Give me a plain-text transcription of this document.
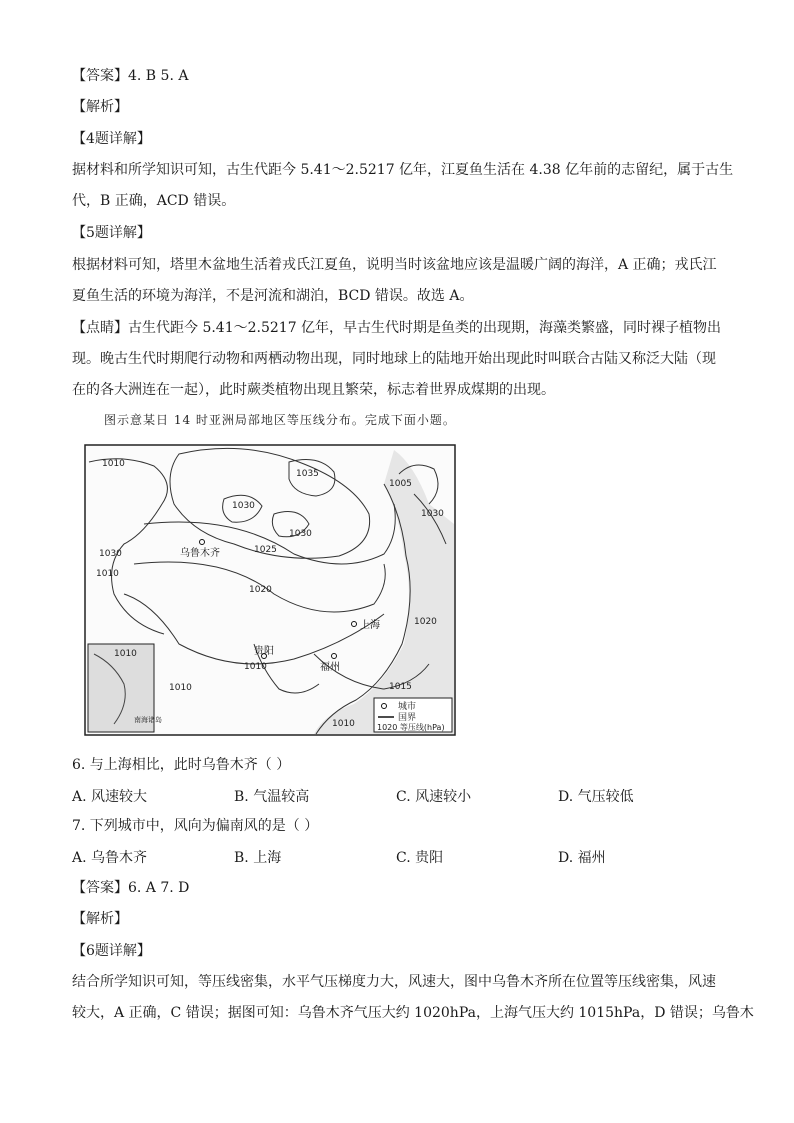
【答案】4. B 5. A
【解析】
【4题详解】
据材料和所学知识可知，古生代距今 5.41～2.5217 亿年，江夏鱼生活在 4.38 亿年前的志留纪，属于古生
代，B 正确，ACD 错误。
【5题详解】
根据材料可知，塔里木盆地生活着戎氏江夏鱼，说明当时该盆地应该是温暖广阔的海洋，A 正确；戎氏江
夏鱼生活的环境为海洋，不是河流和湖泊，BCD 错误。故选 A。
【点睛】古生代距今 5.41～2.5217 亿年，早古生代时期是鱼类的出现期，海藻类繁盛，同时裸子植物出
现。晚古生代时期爬行动物和两栖动物出现，同时地球上的陆地开始出现此时叫联合古陆又称泛大陆（现
在的各大洲连在一起），此时蕨类植物出现且繁荣，标志着世界成煤期的出现。
图示意某日 14 时亚洲局部地区等压线分布。完成下面小题。
1010
1035
1005
1030
1030
1025
1030
1030
1010
1020
1020
1010
1015
1010
1010
乌鲁木齐
上海
贵阳
福州
1010
南海诸岛
城市
国界
1020 等压线(hPa)
6. 与上海相比，此时乌鲁木齐（ ）
A. 风速较大	B. 气温较高	C. 风速较小	D. 气压较低
7. 下列城市中，风向为偏南风的是（ ）
A. 乌鲁木齐	B. 上海	C. 贵阳	D. 福州
【答案】6. A 7. D
【解析】
【6题详解】
结合所学知识可知，等压线密集，水平气压梯度力大，风速大，图中乌鲁木齐所在位置等压线密集，风速
较大，A 正确，C 错误；据图可知：乌鲁木齐气压大约 1020hPa，上海气压大约 1015hPa，D 错误；乌鲁木
